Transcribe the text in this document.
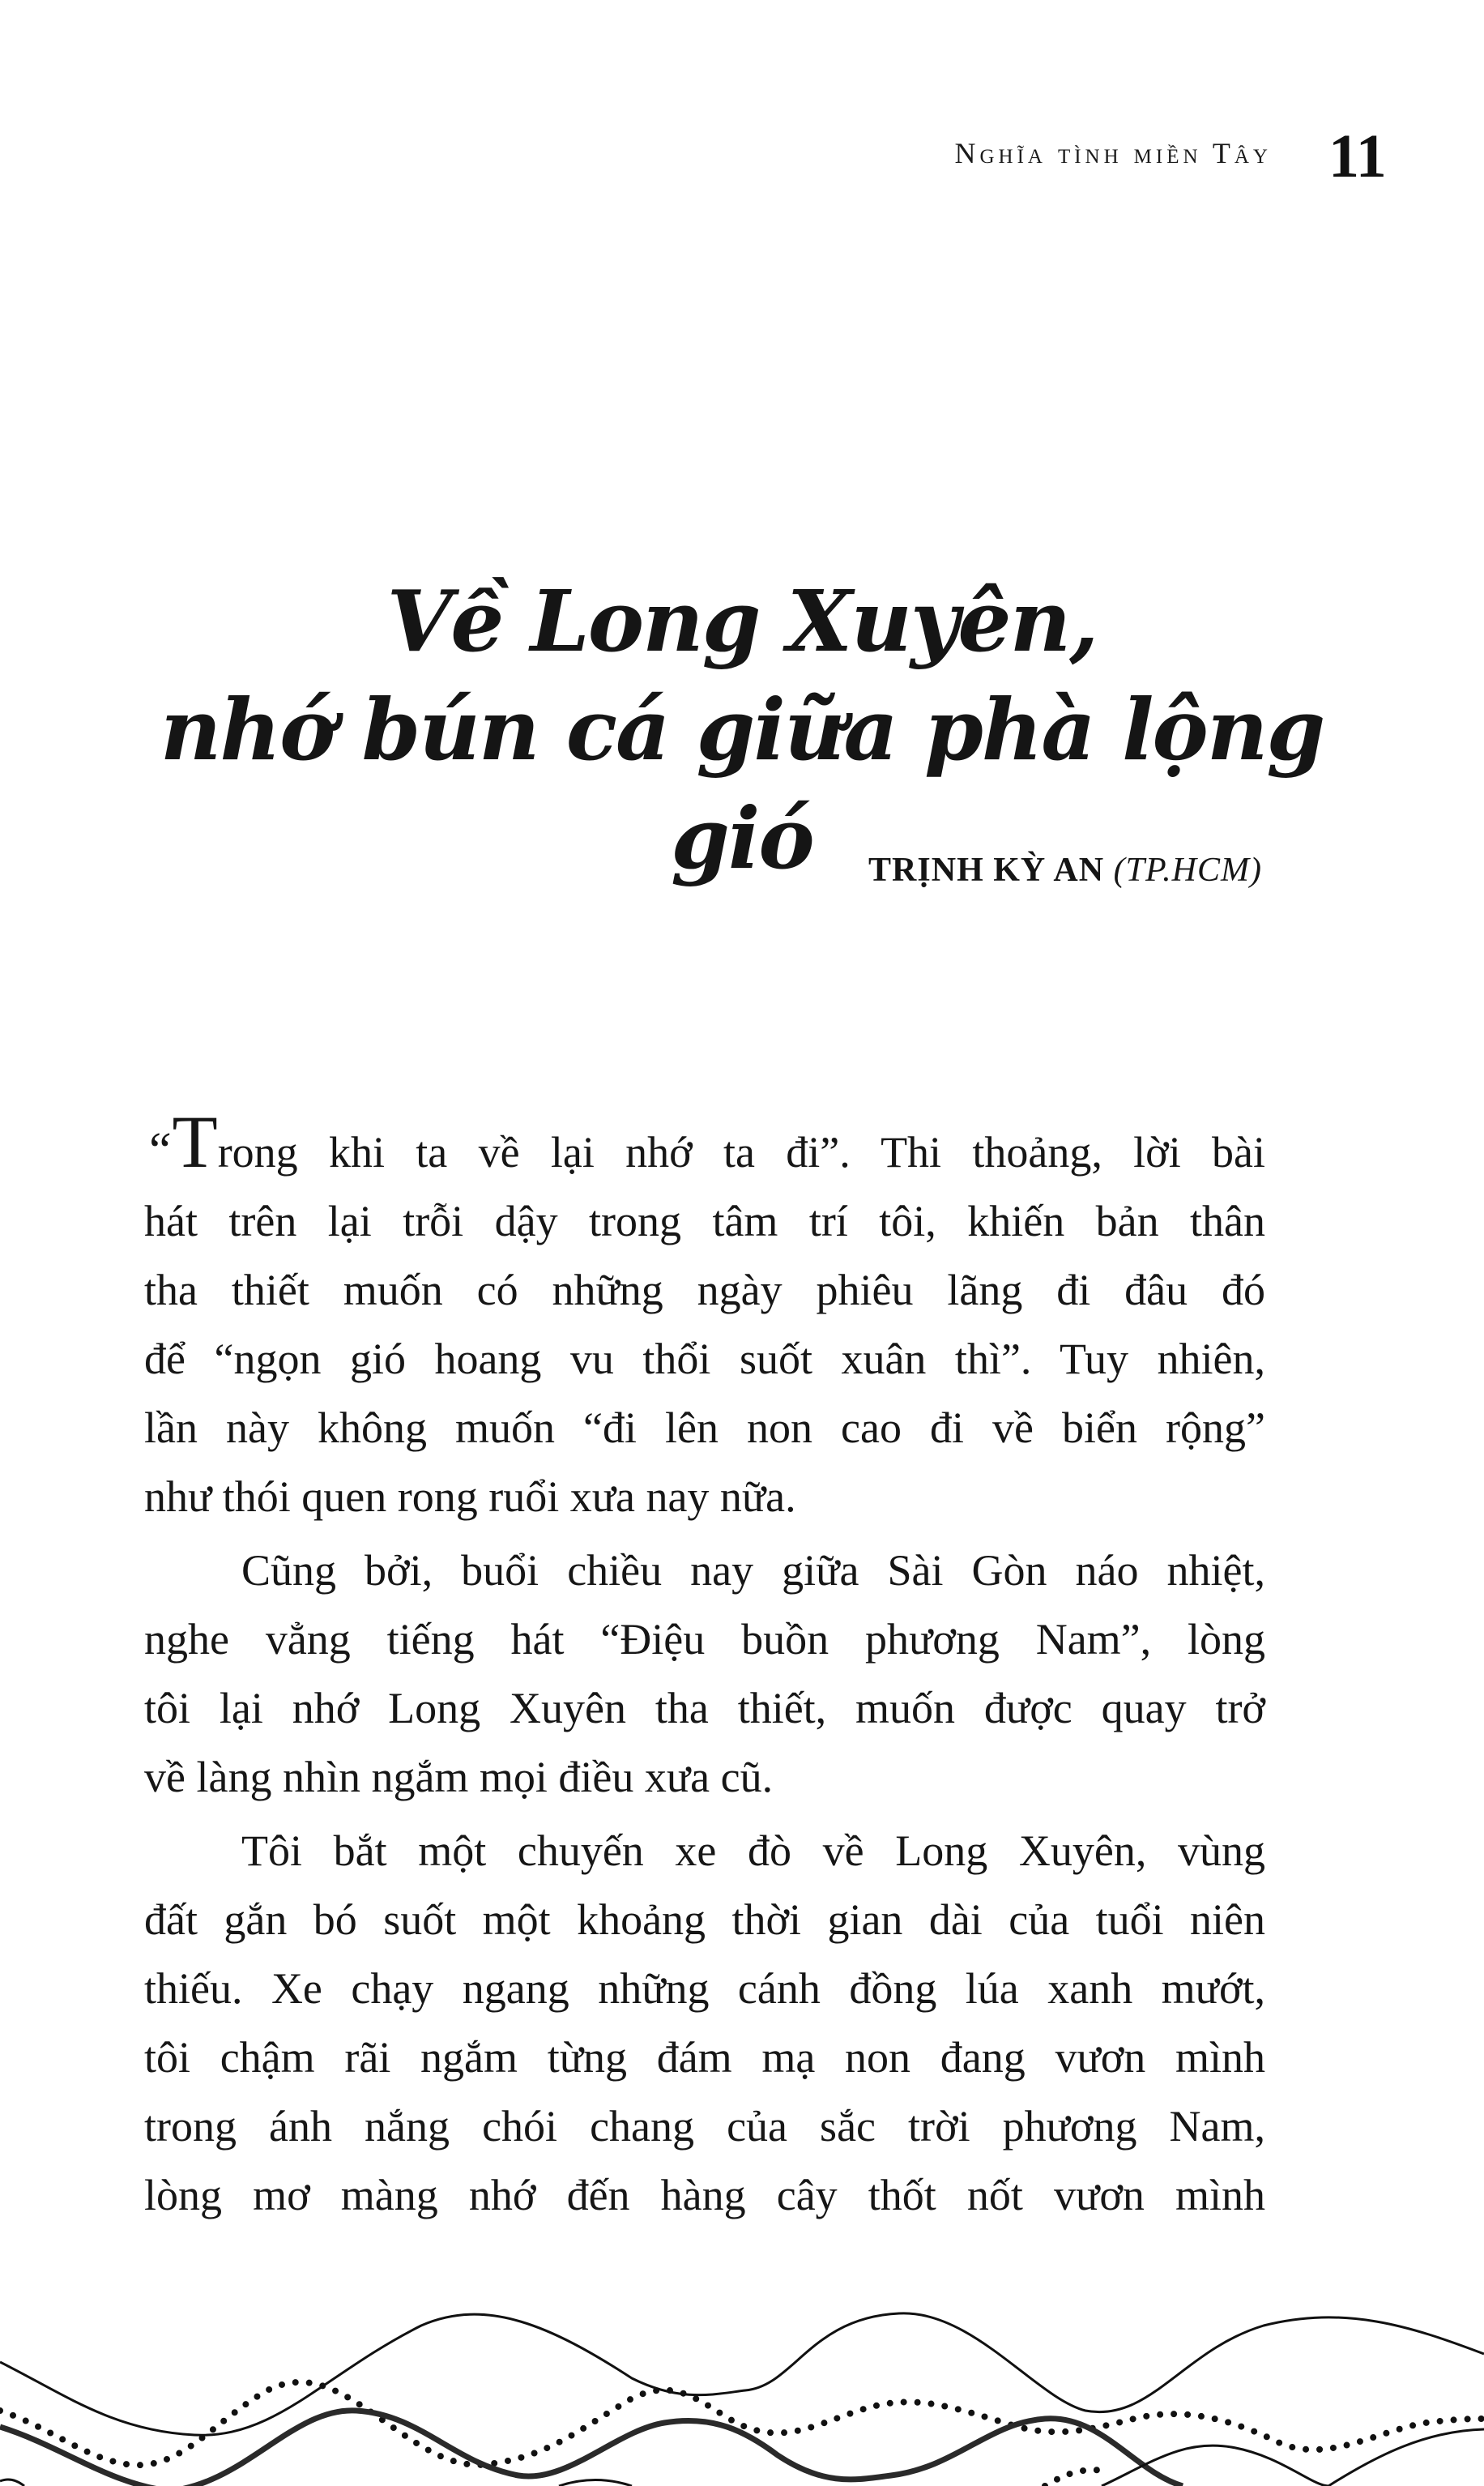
Nghĩa tình miền Tây 11
Về Long Xuyên,
nhớ bún cá giữa phà lộng gió	TRỊNH KỲ AN (TP.HCM)

“Trong khi ta về lại nhớ ta đi”. Thi thoảng, lời bài
hát trên lại trỗi dậy trong tâm trí tôi, khiến bản thân
tha thiết muốn có những ngày phiêu lãng đi đâu đó
để “ngọn gió hoang vu thổi suốt xuân thì”. Tuy nhiên,
lần này không muốn “đi lên non cao đi về biển rộng”
như thói quen rong ruổi xưa nay nữa.

Cũng bởi, buổi chiều nay giữa Sài Gòn náo nhiệt,
nghe vẳng tiếng hát “Điệu buồn phương Nam”, lòng
tôi lại nhớ Long Xuyên tha thiết, muốn được quay trở
về làng nhìn ngắm mọi điều xưa cũ.

Tôi bắt một chuyến xe đò về Long Xuyên, vùng
đất gắn bó suốt một khoảng thời gian dài của tuổi niên
thiếu. Xe chạy ngang những cánh đồng lúa xanh mướt,
tôi chậm rãi ngắm từng đám mạ non đang vươn mình
trong ánh nắng chói chang của sắc trời phương Nam,
lòng mơ màng nhớ đến hàng cây thốt nốt vươn mình
